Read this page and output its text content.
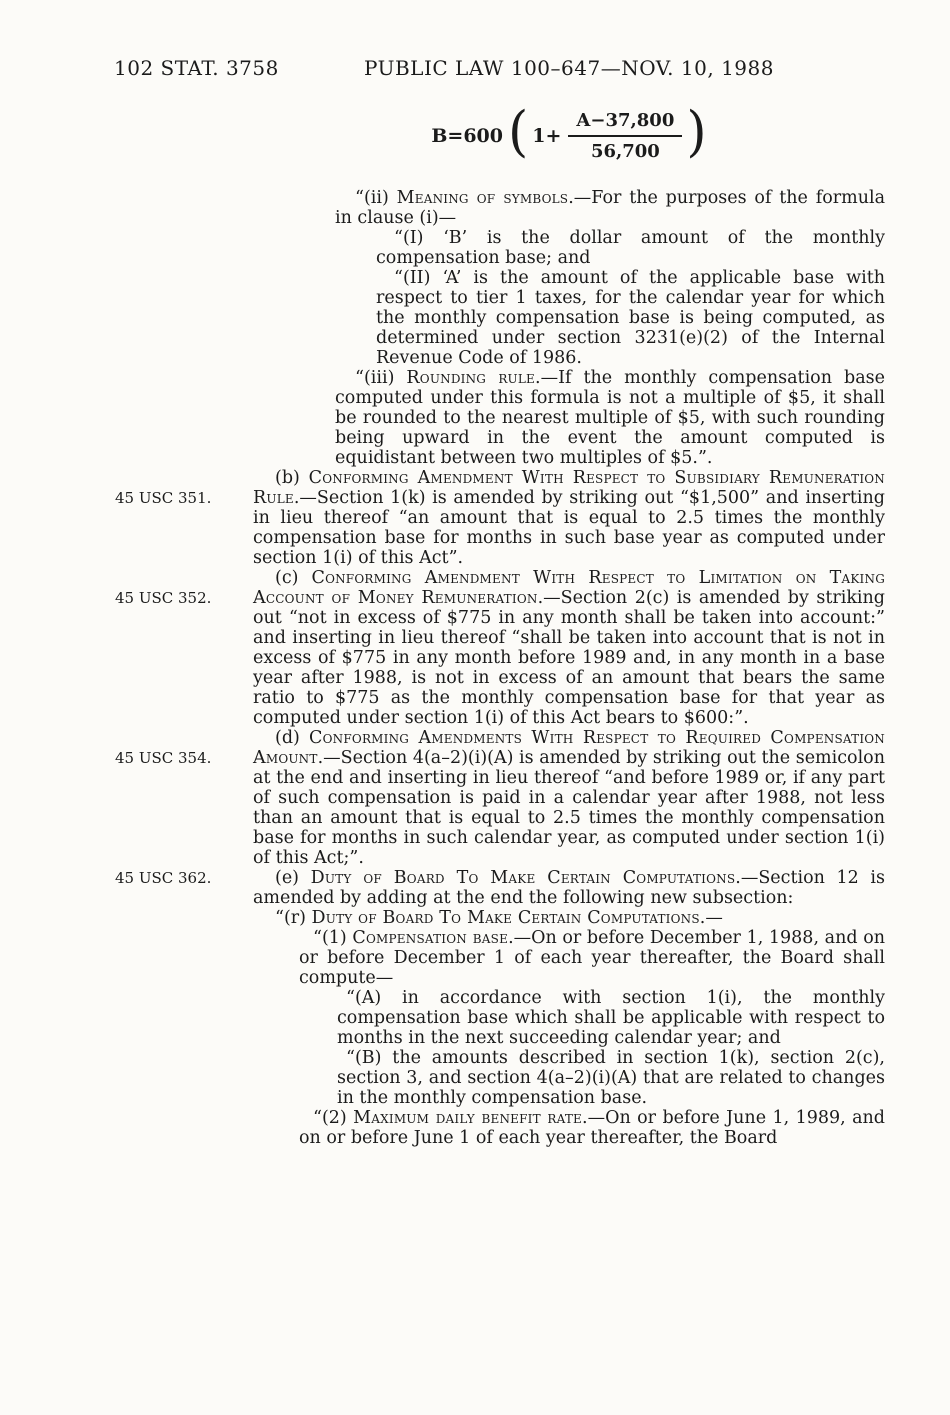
102 STAT. 3758	PUBLIC LAW 100–647—NOV. 10, 1988
B=600 ( $1+ \frac{A-37,800}{56,700}$ )

“(ii) Meaning of symbols.—For the purposes of the formula in clause (i)—

“(I) ‘B’ is the dollar amount of the monthly compensation base; and

“(II) ‘A’ is the amount of the applicable base with respect to tier 1 taxes, for the calendar year for which the monthly compensation base is being computed, as determined under section 3231(e)(2) of the Internal Revenue Code of 1986.

“(iii) Rounding rule.—If the monthly compensation base computed under this formula is not a multiple of $5, it shall be rounded to the nearest multiple of $5, with such rounding being upward in the event the amount computed is equidistant between two multiples of $5.”.

45 USC 351.
(b) Conforming Amendment With Respect to Subsidiary Remuneration Rule.—Section 1(k) is amended by striking out “$1,500” and inserting in lieu thereof “an amount that is equal to 2.5 times the monthly compensation base for months in such base year as computed under section 1(i) of this Act”.

45 USC 352.
(c) Conforming Amendment With Respect to Limitation on Taking Account of Money Remuneration.—Section 2(c) is amended by striking out “not in excess of $775 in any month shall be taken into account:” and inserting in lieu thereof “shall be taken into account that is not in excess of $775 in any month before 1989 and, in any month in a base year after 1988, is not in excess of an amount that bears the same ratio to $775 as the monthly compensation base for that year as computed under section 1(i) of this Act bears to $600:”.

45 USC 354.
(d) Conforming Amendments With Respect to Required Compensation Amount.—Section 4(a–2)(i)(A) is amended by striking out the semicolon at the end and inserting in lieu thereof “and before 1989 or, if any part of such compensation is paid in a calendar year after 1988, not less than an amount that is equal to 2.5 times the monthly compensation base for months in such calendar year, as computed under section 1(i) of this Act;”.

45 USC 362.	(e) Duty of Board To Make Certain Computations.—Section 12 is amended by adding at the end the following new subsection:

“(r) Duty of Board To Make Certain Computations.—

“(1) Compensation base.—On or before December 1, 1988, and on or before December 1 of each year thereafter, the Board shall compute—

“(A) in accordance with section 1(i), the monthly compensation base which shall be applicable with respect to months in the next succeeding calendar year; and

“(B) the amounts described in section 1(k), section 2(c), section 3, and section 4(a–2)(i)(A) that are related to changes in the monthly compensation base.

“(2) Maximum daily benefit rate.—On or before June 1, 1989, and on or before June 1 of each year thereafter, the Board
